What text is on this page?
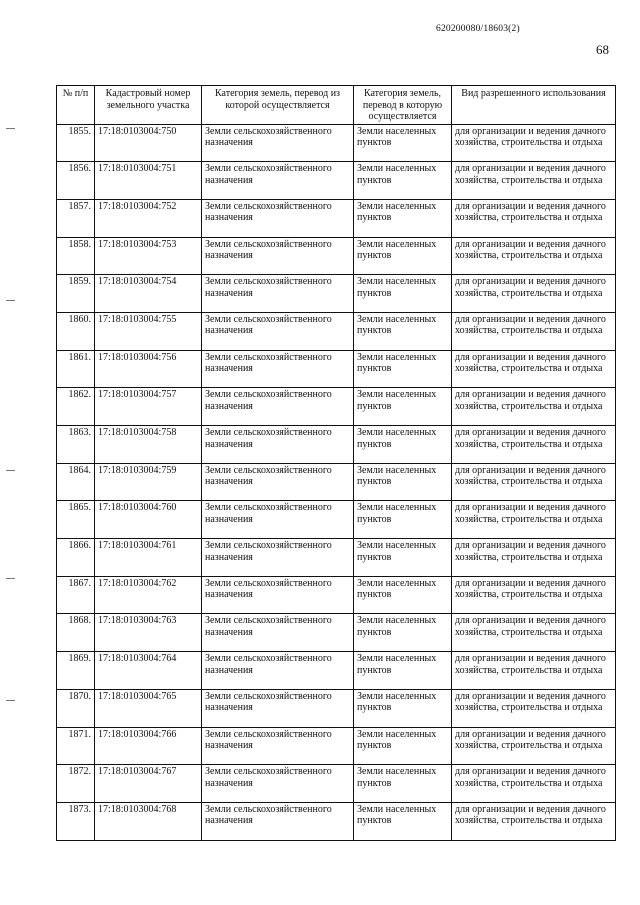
620200080/18603(2)
68
№ п/п	Кадастровый номер земельного участка	Категория земель, перевод из которой осуществляется	Категория земель, перевод в которую осуществляется	Вид разрешенного использования
1855.	17:18:0103004:750	Земли сельскохозяйственного назначения	Земли населенных пунктов	для организации и ведения дачного хозяйства, строительства и отдыха
1856.	17:18:0103004:751	Земли сельскохозяйственного назначения	Земли населенных пунктов	для организации и ведения дачного хозяйства, строительства и отдыха
1857.	17:18:0103004:752	Земли сельскохозяйственного назначения	Земли населенных пунктов	для организации и ведения дачного хозяйства, строительства и отдыха
1858.	17:18:0103004:753	Земли сельскохозяйственного назначения	Земли населенных пунктов	для организации и ведения дачного хозяйства, строительства и отдыха
1859.	17:18:0103004:754	Земли сельскохозяйственного назначения	Земли населенных пунктов	для организации и ведения дачного хозяйства, строительства и отдыха
1860.	17:18:0103004:755	Земли сельскохозяйственного назначения	Земли населенных пунктов	для организации и ведения дачного хозяйства, строительства и отдыха
1861.	17:18:0103004:756	Земли сельскохозяйственного назначения	Земли населенных пунктов	для организации и ведения дачного хозяйства, строительства и отдыха
1862.	17:18:0103004:757	Земли сельскохозяйственного назначения	Земли населенных пунктов	для организации и ведения дачного хозяйства, строительства и отдыха
1863.	17:18:0103004:758	Земли сельскохозяйственного назначения	Земли населенных пунктов	для организации и ведения дачного хозяйства, строительства и отдыха
1864.	17:18:0103004:759	Земли сельскохозяйственного назначения	Земли населенных пунктов	для организации и ведения дачного хозяйства, строительства и отдыха
1865.	17:18:0103004:760	Земли сельскохозяйственного назначения	Земли населенных пунктов	для организации и ведения дачного хозяйства, строительства и отдыха
1866.	17:18:0103004:761	Земли сельскохозяйственного назначения	Земли населенных пунктов	для организации и ведения дачного хозяйства, строительства и отдыха
1867.	17:18:0103004:762	Земли сельскохозяйственного назначения	Земли населенных пунктов	для организации и ведения дачного хозяйства, строительства и отдыха
1868.	17:18:0103004:763	Земли сельскохозяйственного назначения	Земли населенных пунктов	для организации и ведения дачного хозяйства, строительства и отдыха
1869.	17:18:0103004:764	Земли сельскохозяйственного назначения	Земли населенных пунктов	для организации и ведения дачного хозяйства, строительства и отдыха
1870.	17:18:0103004:765	Земли сельскохозяйственного назначения	Земли населенных пунктов	для организации и ведения дачного хозяйства, строительства и отдыха
1871.	17:18:0103004:766	Земли сельскохозяйственного назначения	Земли населенных пунктов	для организации и ведения дачного хозяйства, строительства и отдыха
1872.	17:18:0103004:767	Земли сельскохозяйственного назначения	Земли населенных пунктов	для организации и ведения дачного хозяйства, строительства и отдыха
1873.	17:18:0103004:768	Земли сельскохозяйственного назначения	Земли населенных пунктов	для организации и ведения дачного хозяйства, строительства и отдыха
